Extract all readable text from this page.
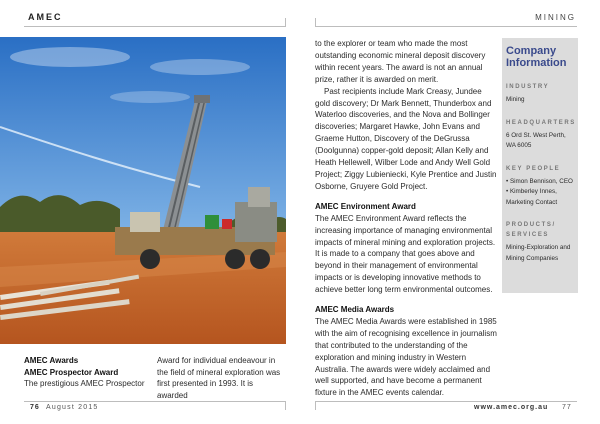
AMEC	MINING
AMEC Awards
AMEC Prospector Award
The prestigious AMEC Prospector
Award for individual endeavour in the field of mineral exploration was first presented in 1993. It is awarded

to the explorer or team who made the most outstanding economic mineral deposit discovery within recent years. The award is not an annual prize, rather it is awarded on merit.

Past recipients include Mark Creasy, Jundee gold discovery; Dr Mark Bennett, Thunderbox and Waterloo discoveries, and the Nova and Bollinger discoveries; Margaret Hawke, John Evans and Graeme Hutton, Discovery of the DeGrussa (Doolgunna) copper-gold deposit; Allan Kelly and Heath Hellewell, Wilber Lode and Andy Well Gold Project; Ziggy Lubieniecki, Kyle Prentice and Justin Osborne, Gruyere Gold Project.

AMEC Environment Award

The AMEC Environment Award reflects the increasing importance of managing environmental impacts of mineral mining and exploration projects. It is made to a company that goes above and beyond in their management of environmental impacts or is developing innovative methods to achieve better long term environmental outcomes.

AMEC Media Awards

The AMEC Media Awards were established in 1985 with the aim of recognising excellence in journalism that contributed to the understanding of the exploration and mining industry in Western Australia. The awards were widely acclaimed and well supported, and have become a permanent fixture in the AMEC events calendar.

Company Information
INDUSTRY
Mining
HEADQUARTERS
6 Ord St. West Perth, WA 6005
KEY PEOPLE
• Simon Bennison, CEO
• Kimberley Innes, Marketing Contact
PRODUCTS/ SERVICES
Mining-Exploration and Mining Companies
76 August 2015	www.amec.org.au 77
